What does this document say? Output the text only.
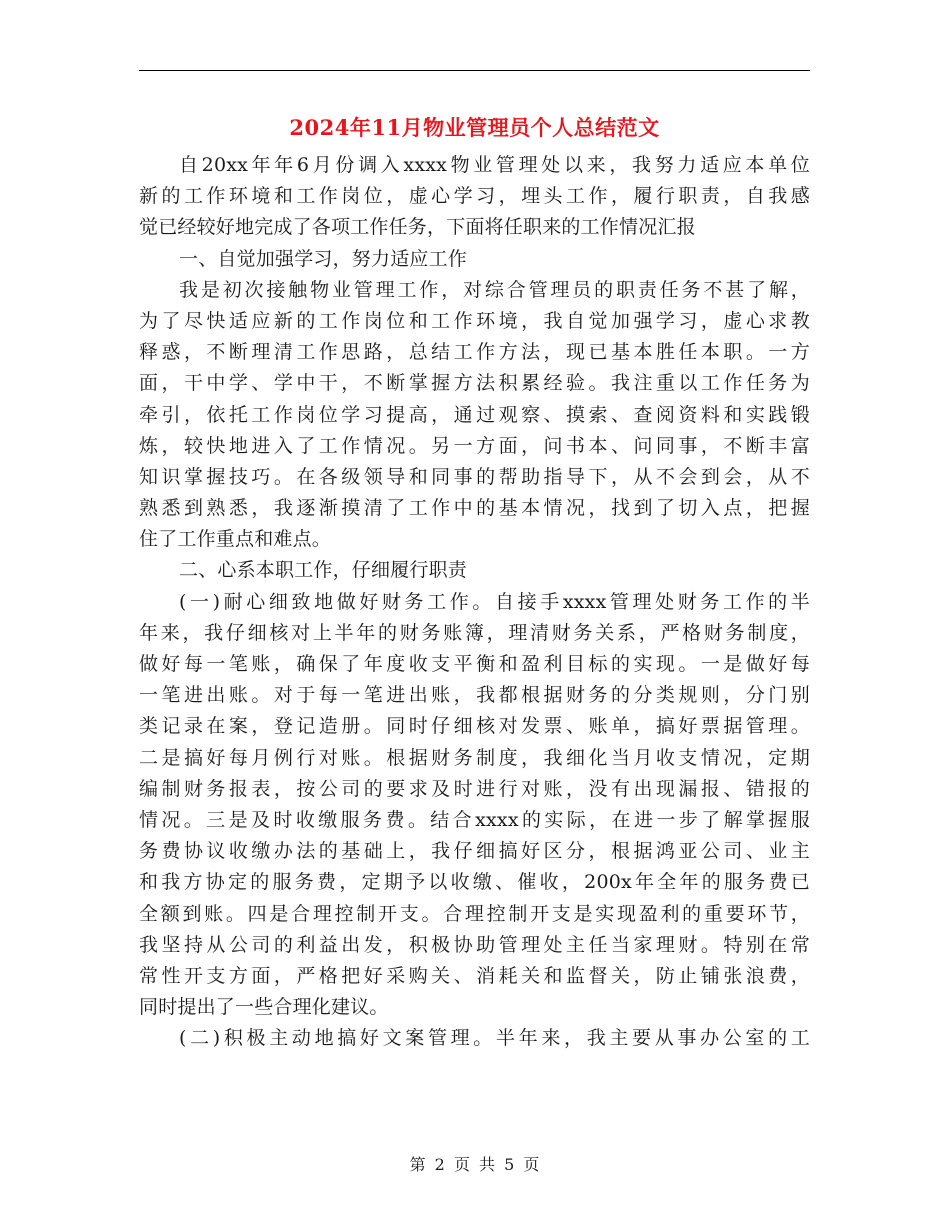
2024年11月物业管理员个人总结范文
自20xx年年6月份调入xxxx物业管理处以来，我努力适应本单位
新的工作环境和工作岗位，虚心学习，埋头工作，履行职责，自我感
觉已经较好地完成了各项工作任务，下面将任职来的工作情况汇报
一、自觉加强学习，努力适应工作
我是初次接触物业管理工作，对综合管理员的职责任务不甚了解，
为了尽快适应新的工作岗位和工作环境，我自觉加强学习，虚心求教
释惑，不断理清工作思路，总结工作方法，现已基本胜任本职。一方
面，干中学、学中干，不断掌握方法积累经验。我注重以工作任务为
牵引，依托工作岗位学习提高，通过观察、摸索、查阅资料和实践锻
炼，较快地进入了工作情况。另一方面，问书本、问同事，不断丰富
知识掌握技巧。在各级领导和同事的帮助指导下，从不会到会，从不
熟悉到熟悉，我逐渐摸清了工作中的基本情况，找到了切入点，把握
住了工作重点和难点。
二、心系本职工作，仔细履行职责
(一)耐心细致地做好财务工作。自接手xxxx管理处财务工作的半
年来，我仔细核对上半年的财务账簿，理清财务关系，严格财务制度，
做好每一笔账，确保了年度收支平衡和盈利目标的实现。一是做好每
一笔进出账。对于每一笔进出账，我都根据财务的分类规则，分门别
类记录在案，登记造册。同时仔细核对发票、账单，搞好票据管理。
二是搞好每月例行对账。根据财务制度，我细化当月收支情况，定期
编制财务报表，按公司的要求及时进行对账，没有出现漏报、错报的
情况。三是及时收缴服务费。结合xxxx的实际，在进一步了解掌握服
务费协议收缴办法的基础上，我仔细搞好区分，根据鸿亚公司、业主
和我方协定的服务费，定期予以收缴、催收，200x年全年的服务费已
全额到账。四是合理控制开支。合理控制开支是实现盈利的重要环节，
我坚持从公司的利益出发，积极协助管理处主任当家理财。特别在常
常性开支方面，严格把好采购关、消耗关和监督关，防止铺张浪费，
同时提出了一些合理化建议。
(二)积极主动地搞好文案管理。半年来，我主要从事办公室的工
第 2 页 共 5 页
